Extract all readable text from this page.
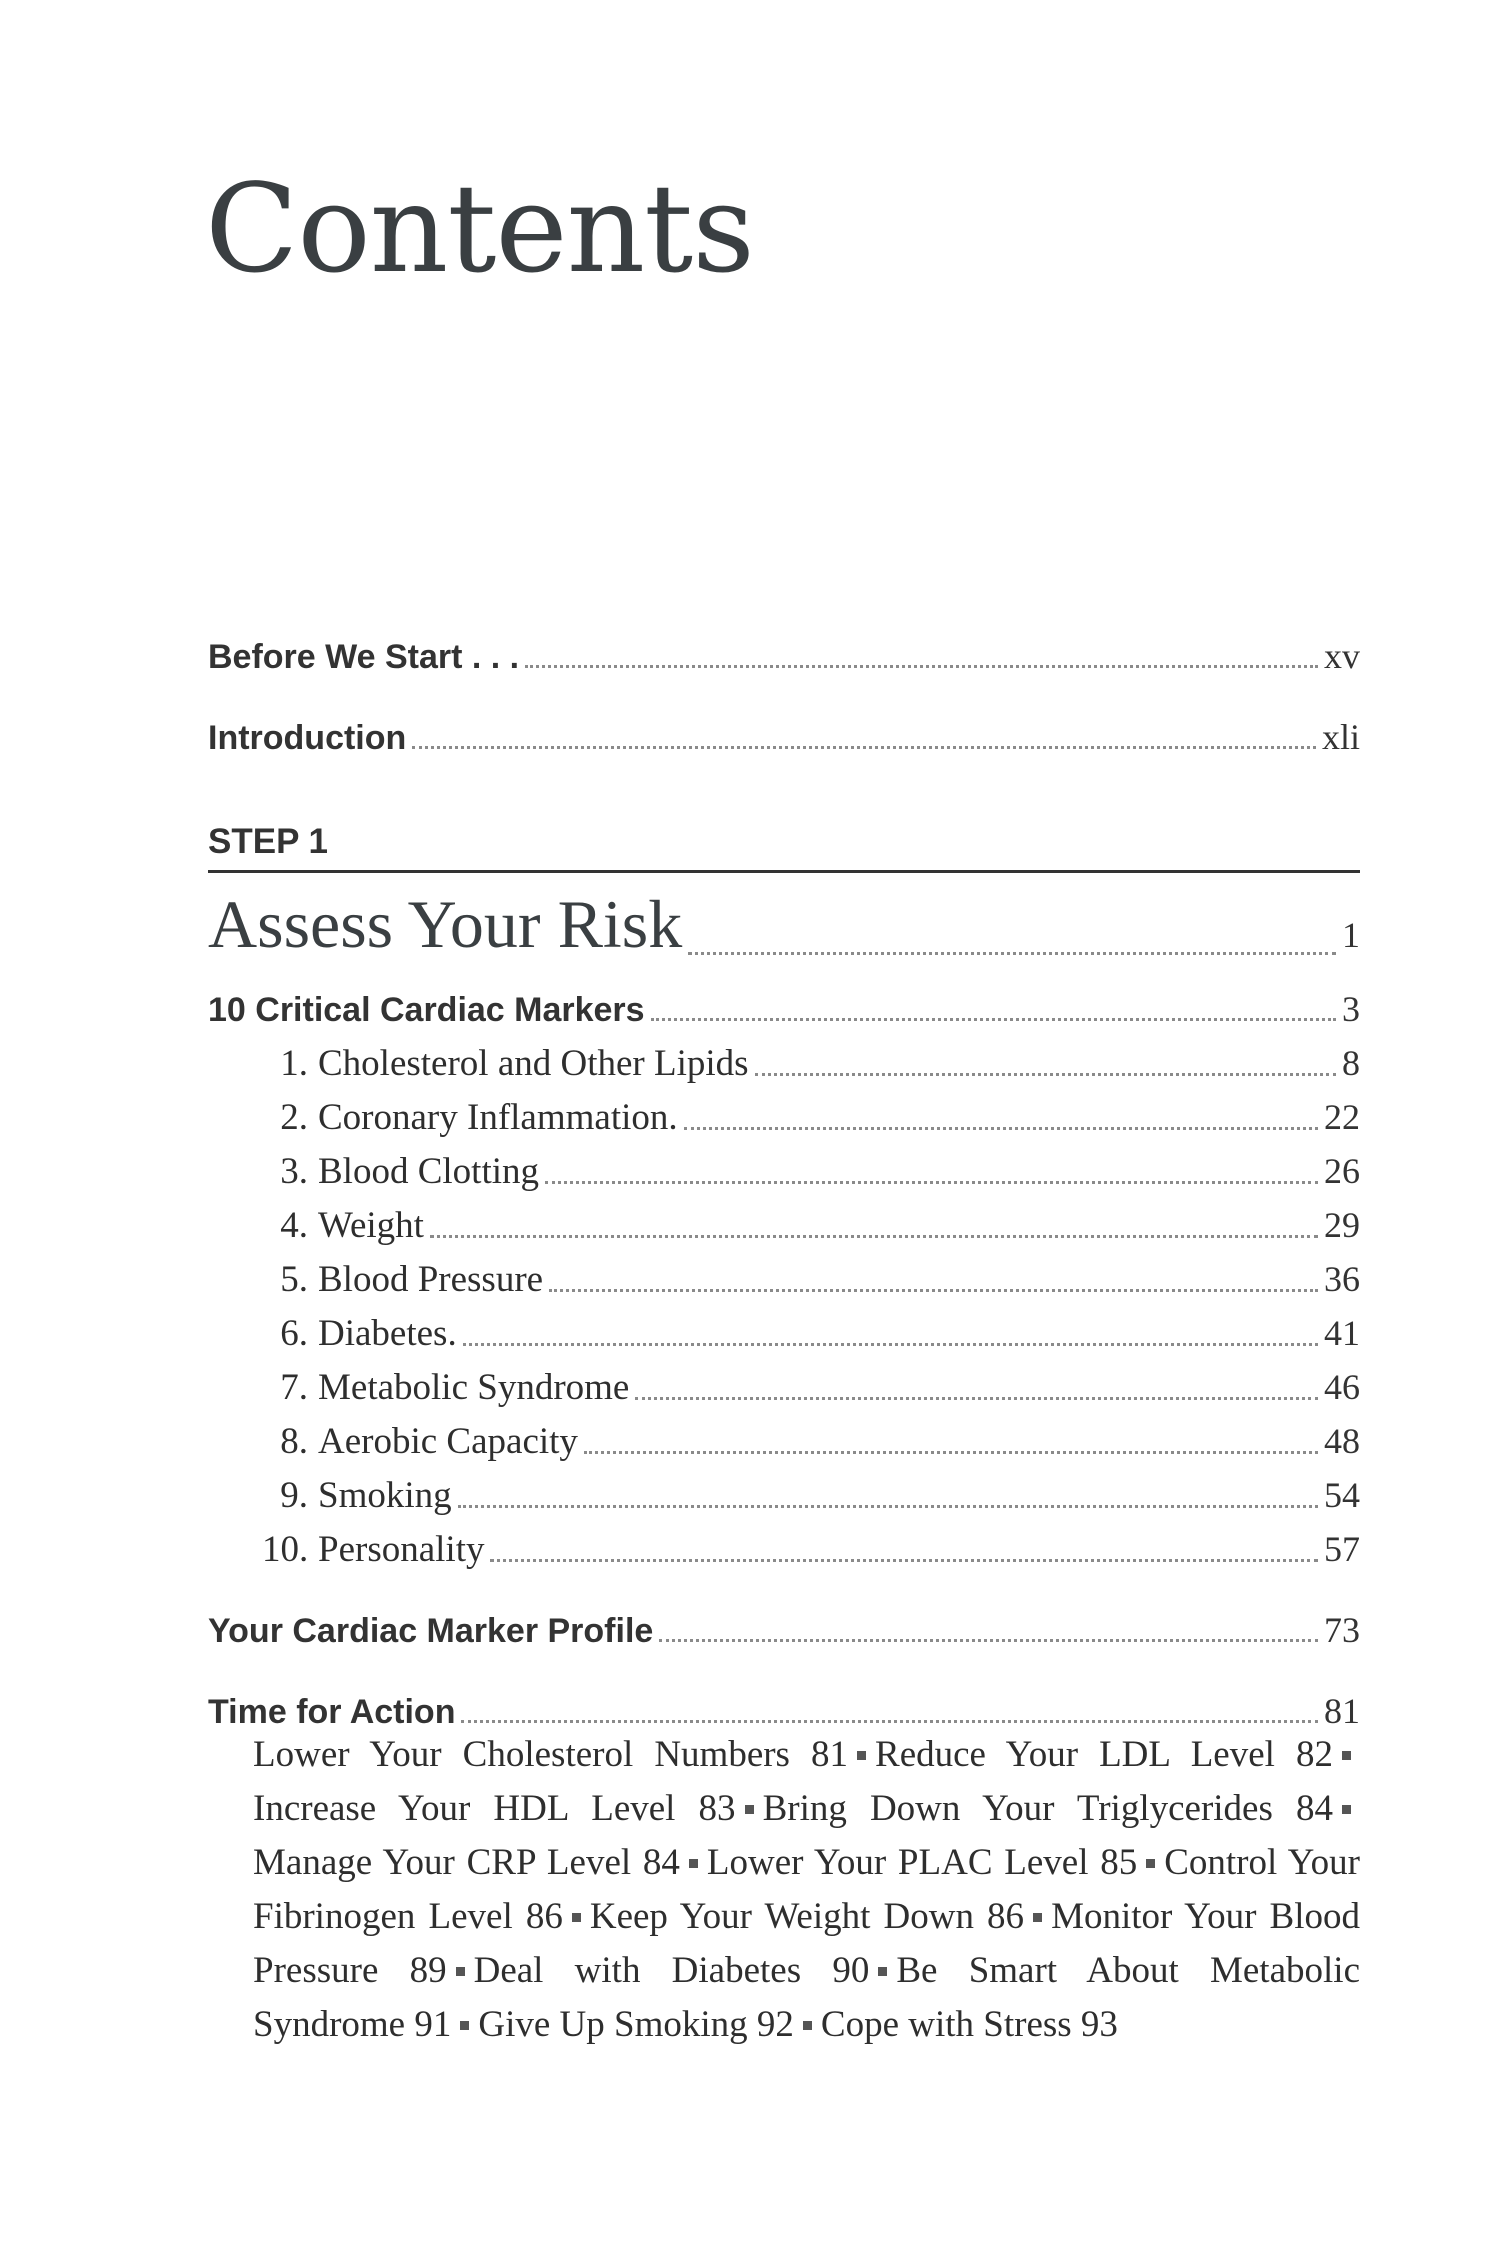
Contents
Before We Start . . .	xv
Introduction	xli
STEP 1
Assess Your Risk	1
10 Critical Cardiac Markers	3
1. Cholesterol and Other Lipids	8
2. Coronary Inflammation.	22
3. Blood Clotting	26
4. Weight	29
5. Blood Pressure	36
6. Diabetes.	41
7. Metabolic Syndrome	46
8. Aerobic Capacity	48
9. Smoking	54
10. Personality	57
Your Cardiac Marker Profile	73
Time for Action	81

Lower Your Cholesterol Numbers 81 Reduce Your LDL Level 82Increase Your HDL Level 83 Bring Down Your Triglycerides 84Manage Your CRP Level 84 Lower Your PLAC Level 85 Control Your Fibrinogen Level 86 Keep Your Weight Down 86 Monitor Your Blood Pressure 89 Deal with Diabetes 90 Be Smart About Metabolic Syndrome 91 Give Up Smoking 92 Cope with Stress 93
